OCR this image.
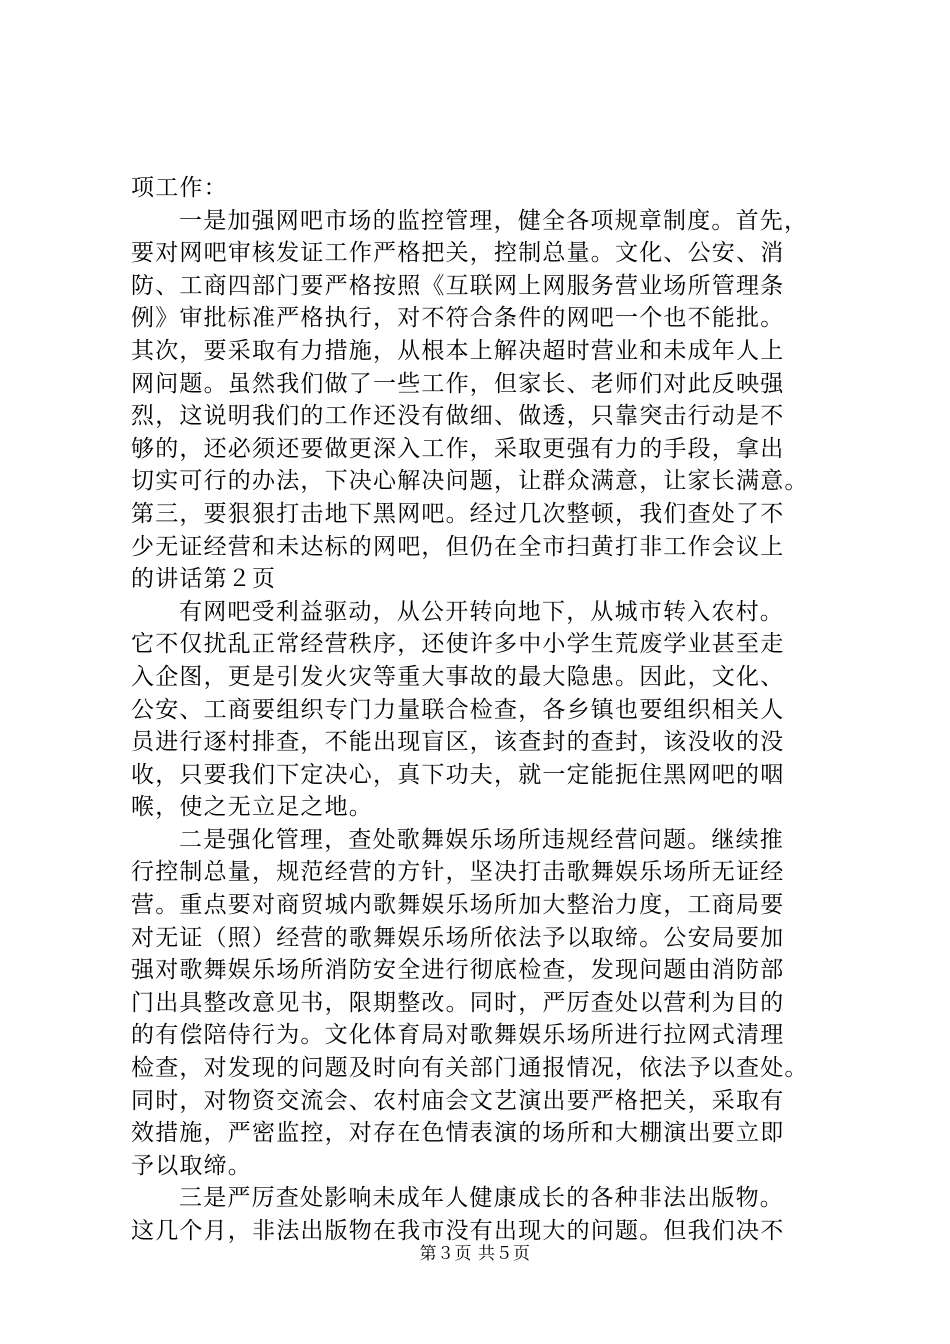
项工作：
一是加强网吧市场的监控管理，健全各项规章制度。首先，
要对网吧审核发证工作严格把关，控制总量。文化、公安、消
防、工商四部门要严格按照《互联网上网服务营业场所管理条
例》审批标准严格执行，对不符合条件的网吧一个也不能批。
其次，要采取有力措施，从根本上解决超时营业和未成年人上
网问题。虽然我们做了一些工作，但家长、老师们对此反映强
烈，这说明我们的工作还没有做细、做透，只靠突击行动是不
够的，还必须还要做更深入工作，采取更强有力的手段，拿出
切实可行的办法，下决心解决问题，让群众满意，让家长满意。
第三，要狠狠打击地下黑网吧。经过几次整顿，我们查处了不
少无证经营和未达标的网吧，但仍在全市扫黄打非工作会议上
的讲话第２页
有网吧受利益驱动，从公开转向地下，从城市转入农村。
它不仅扰乱正常经营秩序，还使许多中小学生荒废学业甚至走
入企图，更是引发火灾等重大事故的最大隐患。因此，文化、
公安、工商要组织专门力量联合检查，各乡镇也要组织相关人
员进行逐村排查，不能出现盲区，该查封的查封，该没收的没
收，只要我们下定决心，真下功夫，就一定能扼住黑网吧的咽
喉，使之无立足之地。
二是强化管理，查处歌舞娱乐场所违规经营问题。继续推
行控制总量，规范经营的方针，坚决打击歌舞娱乐场所无证经
营。重点要对商贸城内歌舞娱乐场所加大整治力度，工商局要
对无证（照）经营的歌舞娱乐场所依法予以取缔。公安局要加
强对歌舞娱乐场所消防安全进行彻底检查，发现问题由消防部
门出具整改意见书，限期整改。同时，严厉查处以营利为目的
的有偿陪侍行为。文化体育局对歌舞娱乐场所进行拉网式清理
检查，对发现的问题及时向有关部门通报情况，依法予以查处。
同时，对物资交流会、农村庙会文艺演出要严格把关，采取有
效措施，严密监控，对存在色情表演的场所和大棚演出要立即
予以取缔。
三是严厉查处影响未成年人健康成长的各种非法出版物。
这几个月，非法出版物在我市没有出现大的问题。但我们决不
第３页 共５页
